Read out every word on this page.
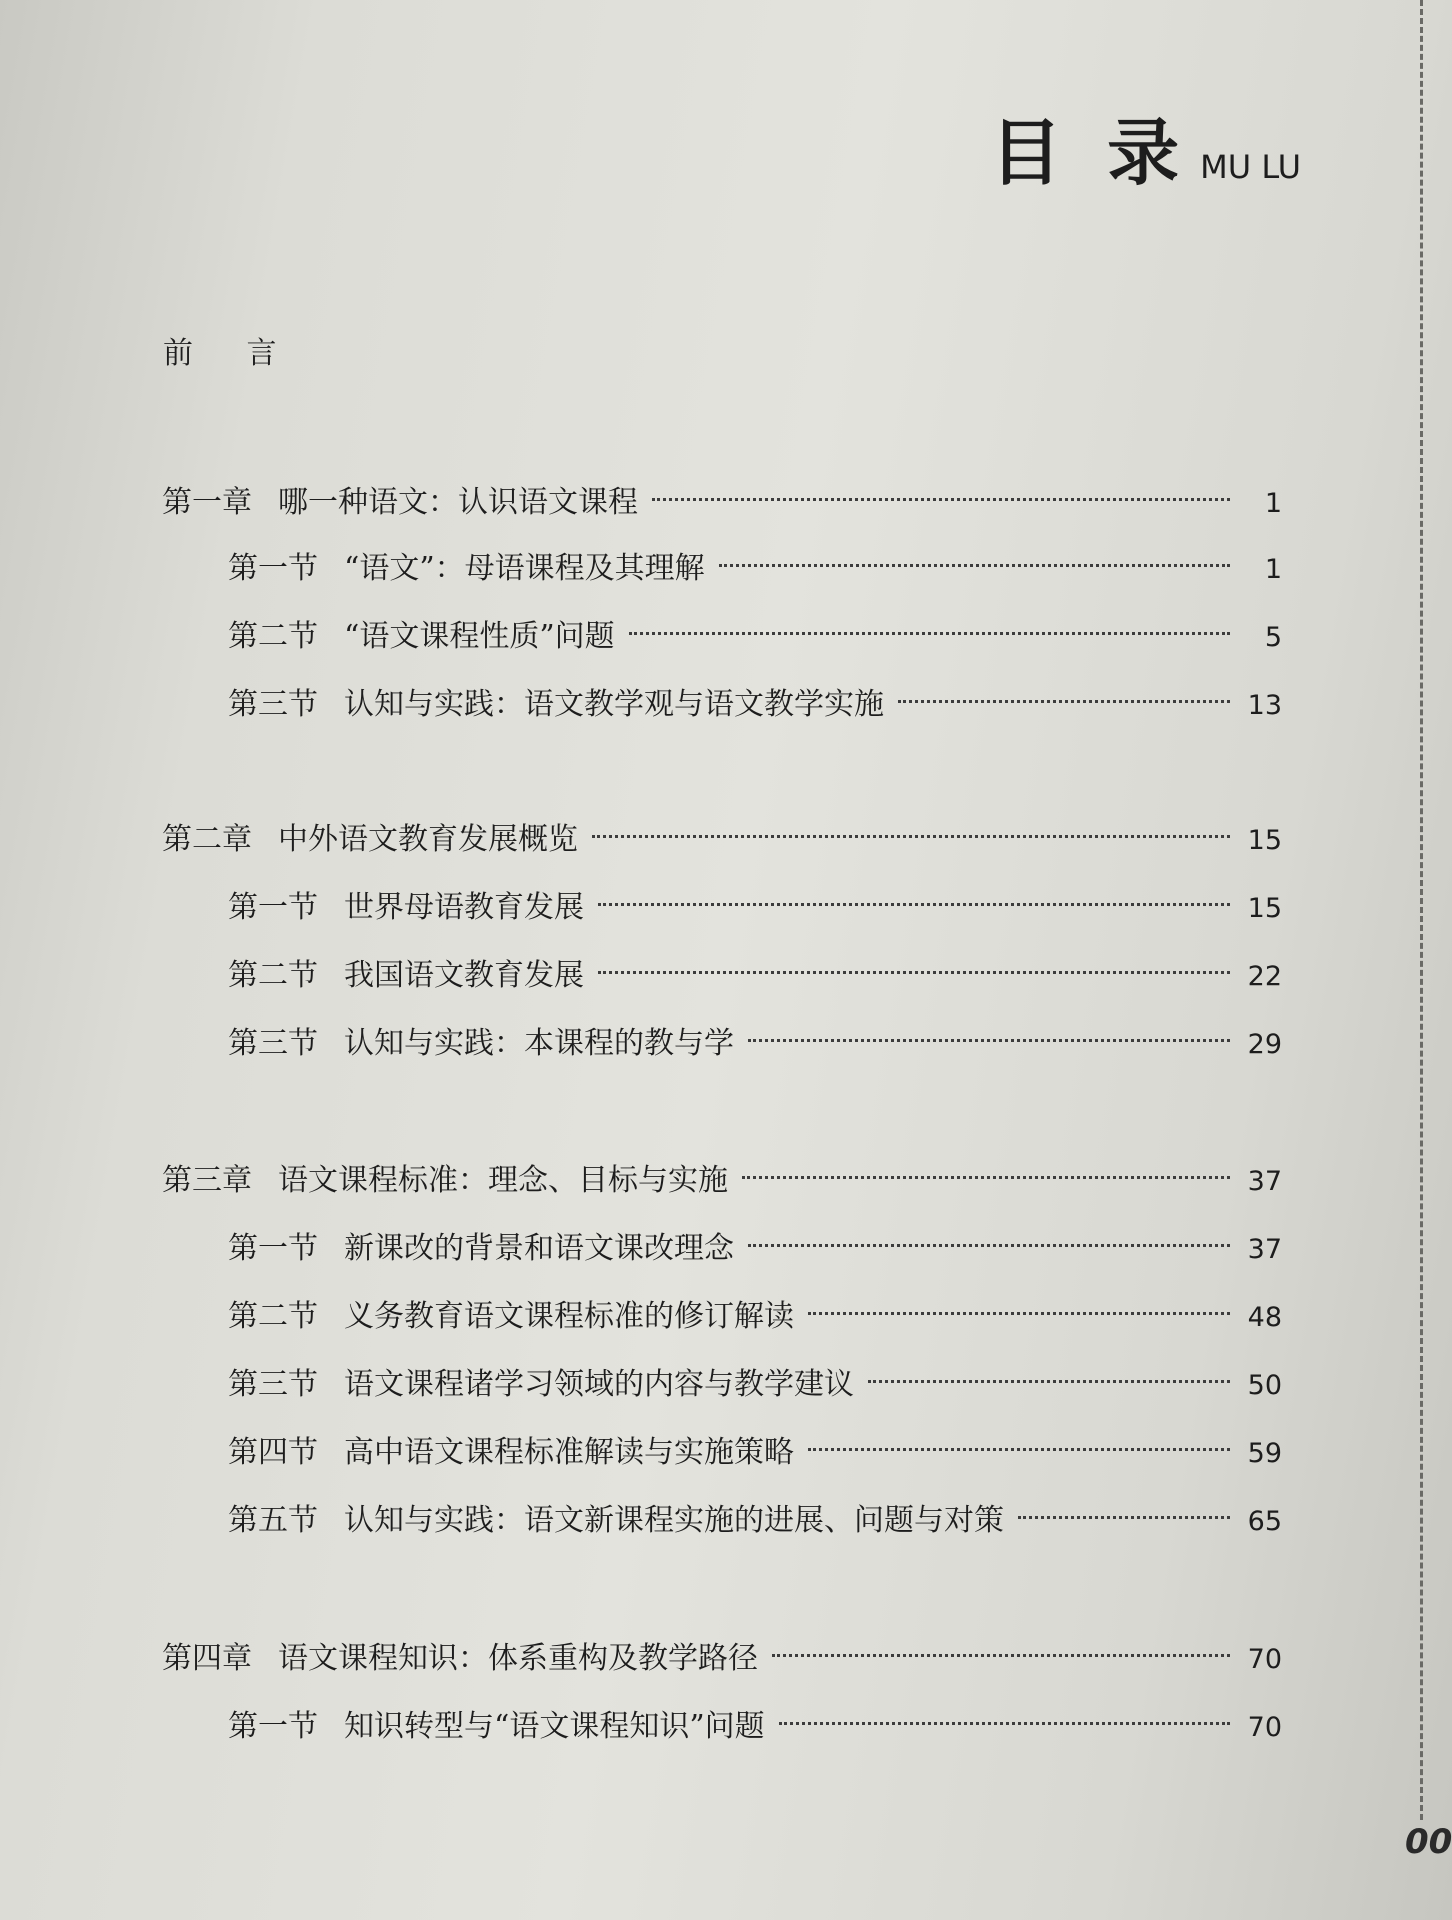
目 录 MU LU
前 言
第一章 哪一种语文：认识语文课程	1
第一节 “语文”：母语课程及其理解	1
第二节 “语文课程性质”问题	5
第三节 认知与实践：语文教学观与语文教学实施	13
第二章 中外语文教育发展概览	15
第一节 世界母语教育发展	15
第二节 我国语文教育发展	22
第三节 认知与实践：本课程的教与学	29
第三章 语文课程标准：理念、目标与实施	37
第一节 新课改的背景和语文课改理念	37
第二节 义务教育语文课程标准的修订解读	48
第三节 语文课程诸学习领域的内容与教学建议	50
第四节 高中语文课程标准解读与实施策略	59
第五节 认知与实践：语文新课程实施的进展、问题与对策	65
第四章 语文课程知识：体系重构及教学路径	70
第一节 知识转型与“语文课程知识”问题	70
00
